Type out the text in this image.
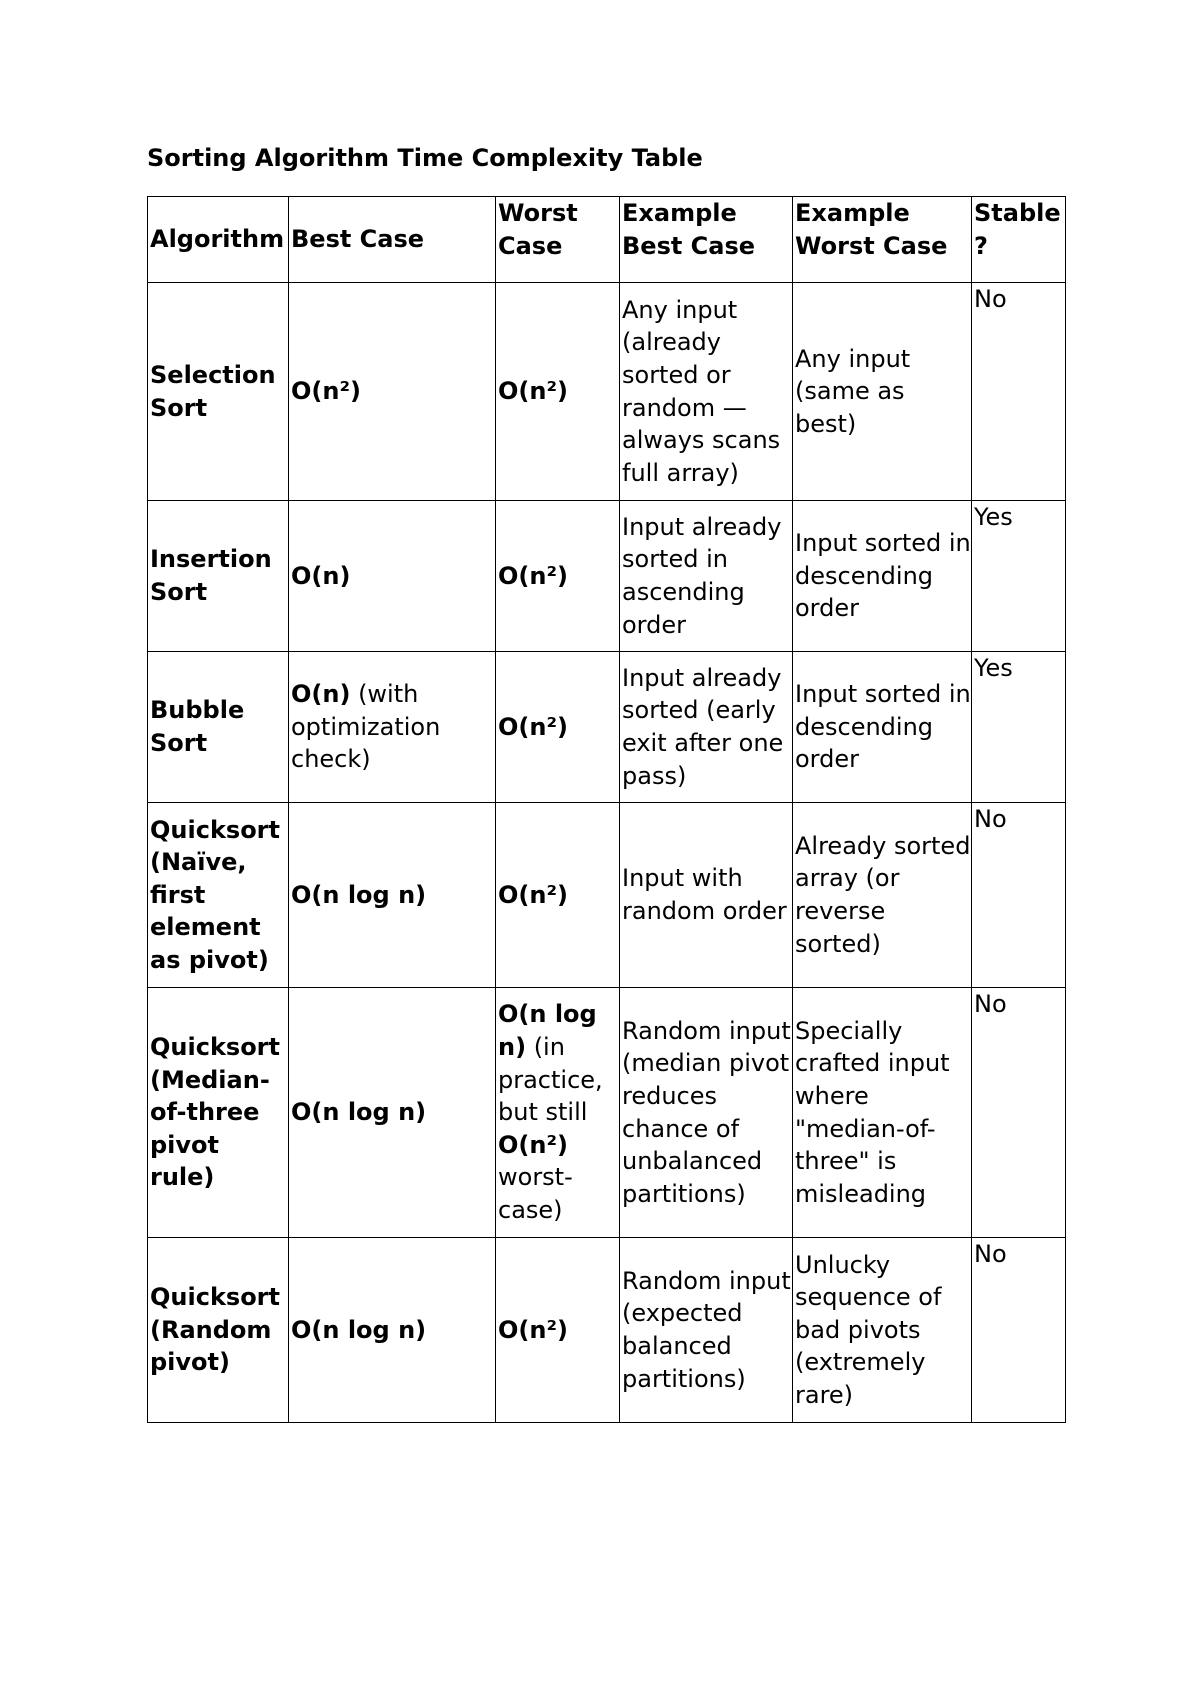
Sorting Algorithm Time Complexity Table
Algorithm	Best Case	Worst Case	Example Best Case	Example Worst Case	Stable?
Selection Sort	O(n²)	O(n²)	Any input (already sorted or random — always scans full array)	Any input (same as best)	No
Insertion Sort	O(n)	O(n²)	Input already sorted in ascending order	Input sorted in descending order	Yes
Bubble Sort	O(n) (with optimization check)	O(n²)	Input already sorted (early exit after one pass)	Input sorted in descending order	Yes
Quicksort (Naïve, first element as pivot)	O(n log n)	O(n²)	Input with random order	Already sorted array (or reverse sorted)	No
Quicksort (Median-of-three pivot rule)	O(n log n)	O(n log n) (in practice, but still O(n²) worst-case)	Random input (median pivot reduces chance of unbalanced partitions)	Specially crafted input where "median-of-three" is misleading	No
Quicksort (Random pivot)	O(n log n)	O(n²)	Random input (expected balanced partitions)	Unlucky sequence of bad pivots (extremely rare)	No
